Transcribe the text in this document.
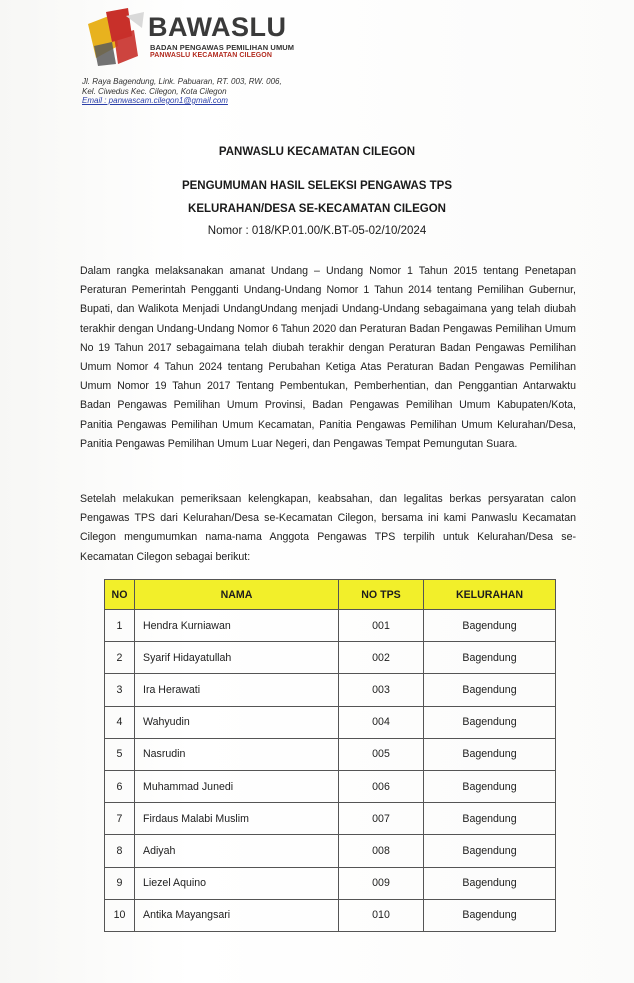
BAWASLU
BADAN PENGAWAS PEMILIHAN UMUM
PANWASLU KECAMATAN CILEGON
Jl. Raya Bagendung, Link. Pabuaran, RT. 003, RW. 006,
Kel. Ciwedus Kec. Cilegon, Kota Cilegon
Email : panwascam.cilegon1@gmail.com
PANWASLU KECAMATAN CILEGON
PENGUMUMAN HASIL SELEKSI PENGAWAS TPS
KELURAHAN/DESA SE-KECAMATAN CILEGON
Nomor : 018/KP.01.00/K.BT-05-02/10/2024

Dalam rangka melaksanakan amanat Undang – Undang Nomor 1 Tahun 2015 tentang Penetapan Peraturan Pemerintah Pengganti Undang-Undang Nomor 1 Tahun 2014 tentang Pemilihan Gubernur, Bupati, dan Walikota Menjadi UndangUndang menjadi Undang-Undang sebagaimana yang telah diubah terakhir dengan Undang-Undang Nomor 6 Tahun 2020 dan Peraturan Badan Pengawas Pemilihan Umum No 19 Tahun 2017 sebagaimana telah diubah terakhir dengan Peraturan Badan Pengawas Pemilihan Umum Nomor 4 Tahun 2024 tentang Perubahan Ketiga Atas Peraturan Badan Pengawas Pemilihan Umum Nomor 19 Tahun 2017 Tentang Pembentukan, Pemberhentian, dan Penggantian Antarwaktu Badan Pengawas Pemilihan Umum Provinsi, Badan Pengawas Pemilihan Umum Kabupaten/Kota, Panitia Pengawas Pemilihan Umum Kecamatan, Panitia Pengawas Pemilihan Umum Kelurahan/Desa, Panitia Pengawas Pemilihan Umum Luar Negeri, dan Pengawas Tempat Pemungutan Suara.

Setelah melakukan pemeriksaan kelengkapan, keabsahan, dan legalitas berkas persyaratan calon Pengawas TPS dari Kelurahan/Desa se-Kecamatan Cilegon, bersama ini kami Panwaslu Kecamatan Cilegon mengumumkan nama-nama Anggota Pengawas TPS terpilih untuk Kelurahan/Desa se-Kecamatan Cilegon sebagai berikut:

NO	NAMA	NO TPS	KELURAHAN
1	Hendra Kurniawan	001	Bagendung
2	Syarif Hidayatullah	002	Bagendung
3	Ira Herawati	003	Bagendung
4	Wahyudin	004	Bagendung
5	Nasrudin	005	Bagendung
6	Muhammad Junedi	006	Bagendung
7	Firdaus Malabi Muslim	007	Bagendung
8	Adiyah	008	Bagendung
9	Liezel Aquino	009	Bagendung
10	Antika Mayangsari	010	Bagendung
